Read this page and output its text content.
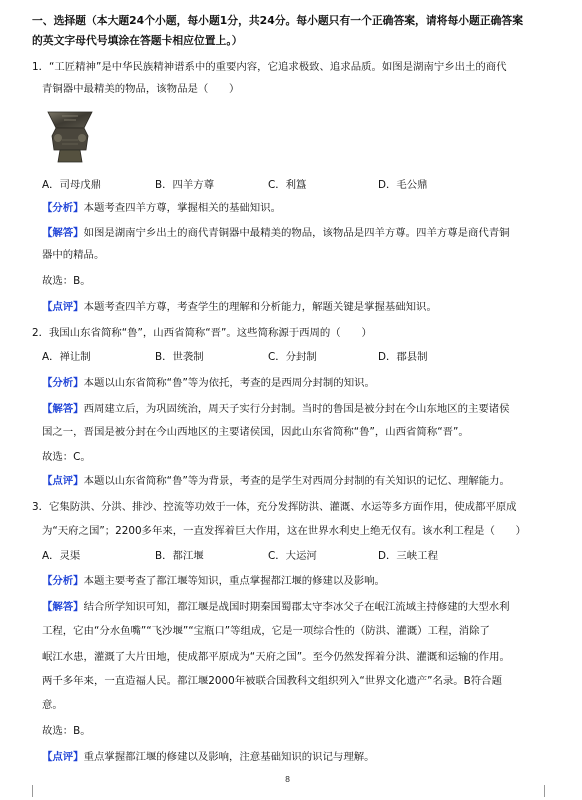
一、选择题（本大题24个小题，每小题1分，共24分。每小题只有一个正确答案，请将每小题正确答案
的英文字母代号填涂在答题卡相应位置上。）
1．“工匠精神”是中华民族精神谱系中的重要内容，它追求极致、追求品质。如图是湖南宁乡出土的商代
青铜器中最精美的物品，该物品是（　　）
A．司母戊鼎	B．四羊方尊	C．利簋	D．毛公鼎
【分析】本题考查四羊方尊，掌握相关的基础知识。
【解答】如图是湖南宁乡出土的商代青铜器中最精美的物品，该物品是四羊方尊。四羊方尊是商代青铜
器中的精品。
故选：B。
【点评】本题考查四羊方尊，考查学生的理解和分析能力，解题关键是掌握基础知识。
2．我国山东省简称“鲁”，山西省简称“晋”。这些简称源于西周的（　　）
A．禅让制	B．世袭制	C．分封制	D．郡县制
【分析】本题以山东省简称“鲁”等为依托，考查的是西周分封制的知识。
【解答】西周建立后，为巩固统治，周天子实行分封制。当时的鲁国是被分封在今山东地区的主要诸侯
国之一，晋国是被分封在今山西地区的主要诸侯国，因此山东省简称“鲁”，山西省简称“晋”。
故选：C。
【点评】本题以山东省简称“鲁”等为背景，考查的是学生对西周分封制的有关知识的记忆、理解能力。
3．它集防洪、分洪、排沙、控流等功效于一体，充分发挥防洪、灌溉、水运等多方面作用，使成都平原成
为“天府之国”；2200多年来，一直发挥着巨大作用，这在世界水利史上绝无仅有。该水利工程是（　　）
A．灵渠	B．都江堰	C．大运河	D．三峡工程
【分析】本题主要考查了都江堰等知识，重点掌握都江堰的修建以及影响。
【解答】结合所学知识可知，都江堰是战国时期秦国蜀郡太守李冰父子在岷江流域主持修建的大型水利
工程，它由“分水鱼嘴”“飞沙堰”“宝瓶口”等组成，它是一项综合性的（防洪、灌溉）工程，消除了
岷江水患，灌溉了大片田地，使成都平原成为“天府之国”。至今仍然发挥着分洪、灌溉和运输的作用。
两千多年来，一直造福人民。都江堰2000年被联合国教科文组织列入“世界文化遗产”名录。B符合题
意。
故选：B。
【点评】重点掌握都江堰的修建以及影响，注意基础知识的识记与理解。
8
